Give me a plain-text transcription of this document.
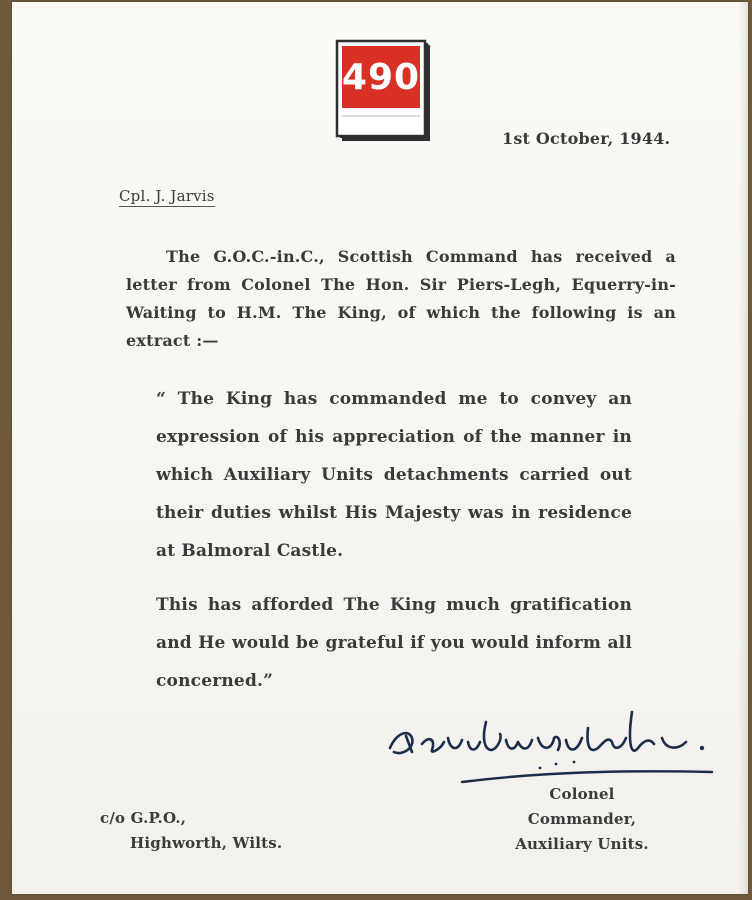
490
1st October, 1944.
Cpl. J. Jarvis
The G.O.C.-in.C., Scottish Command has received a letter from Colonel The Hon. Sir Piers-Legh, Equerry-in-Waiting to H.M. The King, of which the following is an extract :—
“ The King has commanded me to convey an expression of his appreciation of the manner in which Auxiliary Units detachments carried out their duties whilst His Majesty was in residence at Balmoral Castle.
This has afforded The King much gratification and He would be grateful if you would inform all concerned.”
c/o G.P.O.,
Highworth, Wilts.
Colonel
Commander,
Auxiliary Units.
